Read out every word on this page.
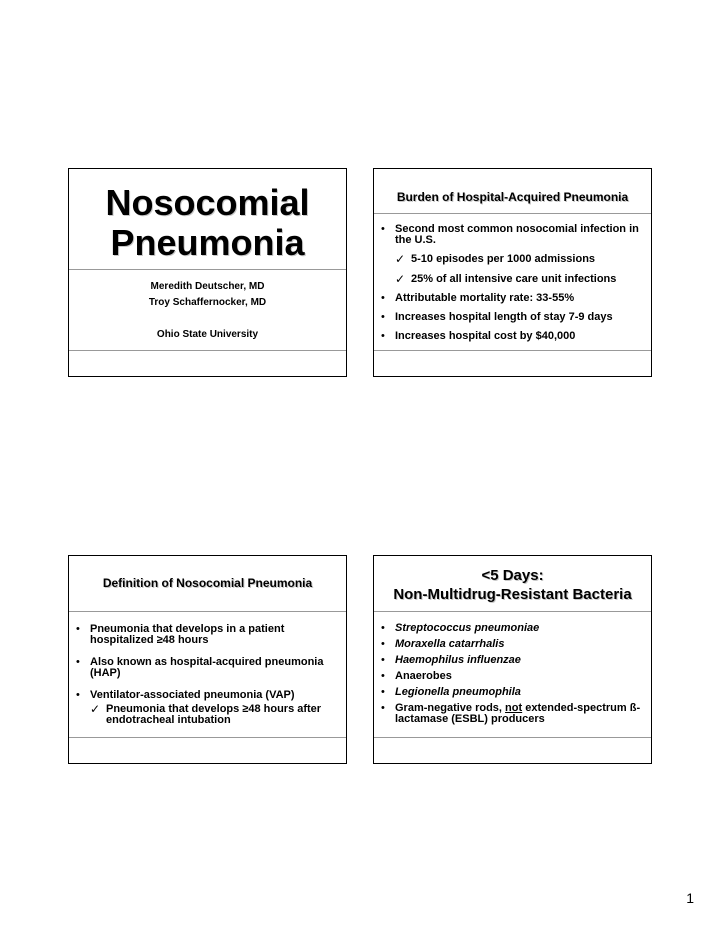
Nosocomial
Pneumonia
Meredith Deutscher, MD
Troy Schaffernocker, MD
Ohio State University
Burden of Hospital-Acquired Pneumonia
• Second most common nosocomial infection in
the U.S.
✓ 5-10 episodes per 1000 admissions
✓ 25% of all intensive care unit infections
• Attributable mortality rate: 33-55%
• Increases hospital length of stay 7-9 days
• Increases hospital cost by $40,000
Definition of Nosocomial Pneumonia
• Pneumonia that develops in a patient
hospitalized ≥48 hours
• Also known as hospital-acquired pneumonia
(HAP)
• Ventilator-associated pneumonia (VAP)
✓ Pneumonia that develops ≥48 hours after
endotracheal intubation
<5 Days:
Non-Multidrug-Resistant Bacteria
• Streptococcus pneumoniae
• Moraxella catarrhalis
• Haemophilus influenzae
• Anaerobes
• Legionella pneumophila
• Gram-negative rods, not extended-spectrum ß-
lactamase (ESBL) producers
1
